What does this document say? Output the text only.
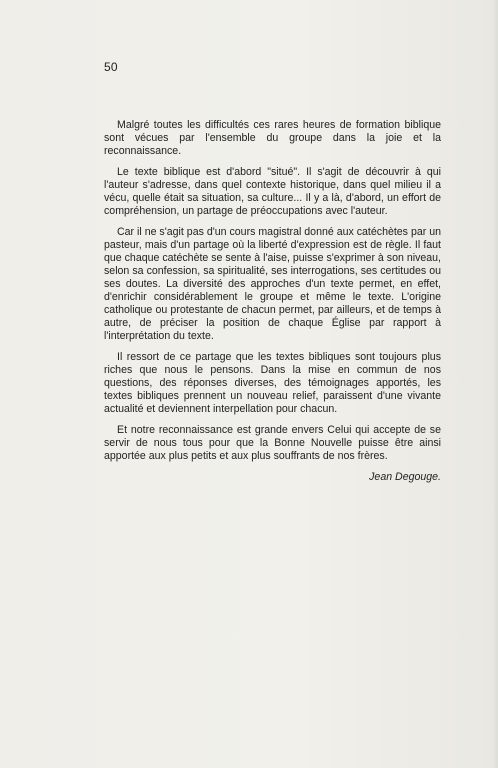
50

Malgré toutes les difficultés ces rares heures de formation biblique sont vécues par l'ensemble du groupe dans la joie et la reconnaissance.

Le texte biblique est d'abord "situé". Il s'agit de découvrir à qui l'auteur s'adresse, dans quel contexte historique, dans quel milieu il a vécu, quelle était sa situation, sa culture... Il y a là, d'abord, un effort de compréhension, un partage de préoccupations avec l'auteur.

Car il ne s'agit pas d'un cours magistral donné aux catéchètes par un pasteur, mais d'un partage où la liberté d'expression est de règle. Il faut que chaque catéchète se sente à l'aise, puisse s'exprimer à son niveau, selon sa confession, sa spiritualité, ses interrogations, ses certitudes ou ses doutes. La diversité des approches d'un texte permet, en effet, d'enrichir considérablement le groupe et même le texte. L'origine catholique ou protestante de chacun permet, par ailleurs, et de temps à autre, de préciser la position de chaque Église par rapport à l'interprétation du texte.

Il ressort de ce partage que les textes bibliques sont toujours plus riches que nous le pensons. Dans la mise en commun de nos questions, des réponses diverses, des témoignages apportés, les textes bibliques prennent un nouveau relief, paraissent d'une vivante actualité et deviennent interpellation pour chacun.

Et notre reconnaissance est grande envers Celui qui accepte de se servir de nous tous pour que la Bonne Nouvelle puisse être ainsi apportée aux plus petits et aux plus souffrants de nos frères.

Jean Degouge.
